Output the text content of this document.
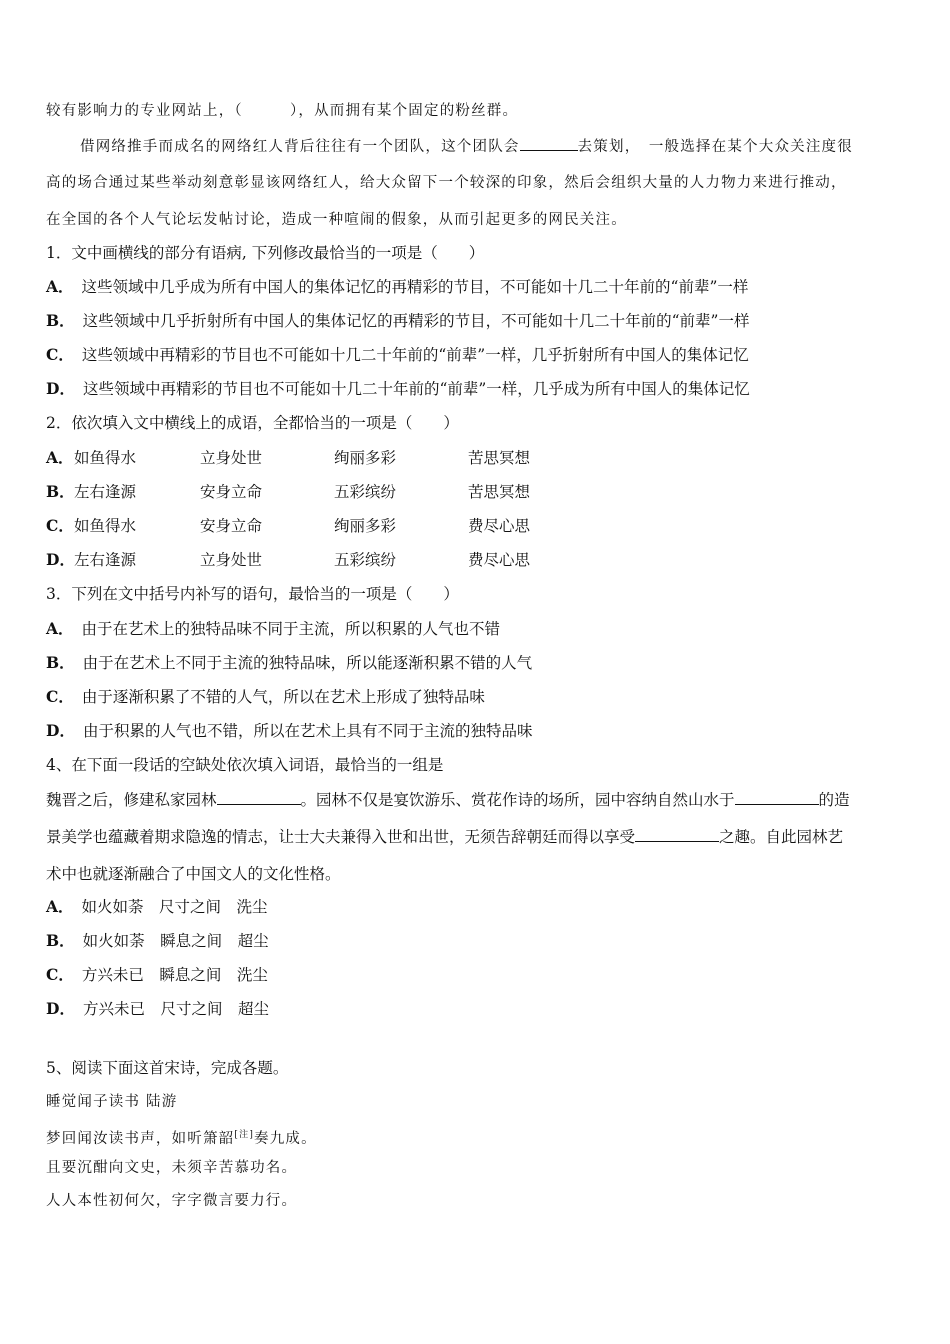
较有影响力的专业网站上，（　　　），从而拥有某个固定的粉丝群。
借网络推手而成名的网络红人背后往往有一个团队，这个团队会	去策划，　一般选择在某个大众关注度很
高的场合通过某些举动刻意彰显该网络红人，给大众留下一个较深的印象，然后会组织大量的人力物力来进行推动，
在全国的各个人气论坛发帖讨论，造成一种喧闹的假象，从而引起更多的网民关注。
1．文中画横线的部分有语病, 下列修改最恰当的一项是（　　）
A． 这些领域中几乎成为所有中国人的集体记忆的再精彩的节目，不可能如十几二十年前的“前辈”一样
B． 这些领域中几乎折射所有中国人的集体记忆的再精彩的节目，不可能如十几二十年前的“前辈”一样
C． 这些领域中再精彩的节目也不可能如十几二十年前的“前辈”一样，几乎折射所有中国人的集体记忆
D． 这些领域中再精彩的节目也不可能如十几二十年前的“前辈”一样，几乎成为所有中国人的集体记忆
2．依次填入文中横线上的成语，全都恰当的一项是（　　）
A． 如鱼得水	立身处世	绚丽多彩	苦思冥想
B． 左右逢源	安身立命	五彩缤纷	苦思冥想
C． 如鱼得水	安身立命	绚丽多彩	费尽心思
D． 左右逢源	立身处世	五彩缤纷	费尽心思
3．下列在文中括号内补写的语句，最恰当的一项是（　　）
A． 由于在艺术上的独特品味不同于主流，所以积累的人气也不错
B． 由于在艺术上不同于主流的独特品味，所以能逐渐积累不错的人气
C． 由于逐渐积累了不错的人气，所以在艺术上形成了独特品味
D． 由于积累的人气也不错，所以在艺术上具有不同于主流的独特品味
4、在下面一段话的空缺处依次填入词语，最恰当的一组是
魏晋之后，修建私家园林	。园林不仅是宴饮游乐、赏花作诗的场所，园中容纳自然山水于	的造
景美学也蕴藏着期求隐逸的情志，让士大夫兼得入世和出世，无须告辞朝廷而得以享受	之趣。自此园林艺
术中也就逐渐融合了中国文人的文化性格。
A． 如火如荼　尺寸之间　洗尘
B． 如火如荼　瞬息之间　超尘
C． 方兴未已　瞬息之间　洗尘
D． 方兴未已　尺寸之间　超尘
5、阅读下面这首宋诗，完成各题。
睡觉闻子读书 陆游
梦回闻汝读书声，如听箫韶[注]奏九成。
且要沉酣向文史，未须辛苦慕功名。
人人本性初何欠，字字微言要力行。
